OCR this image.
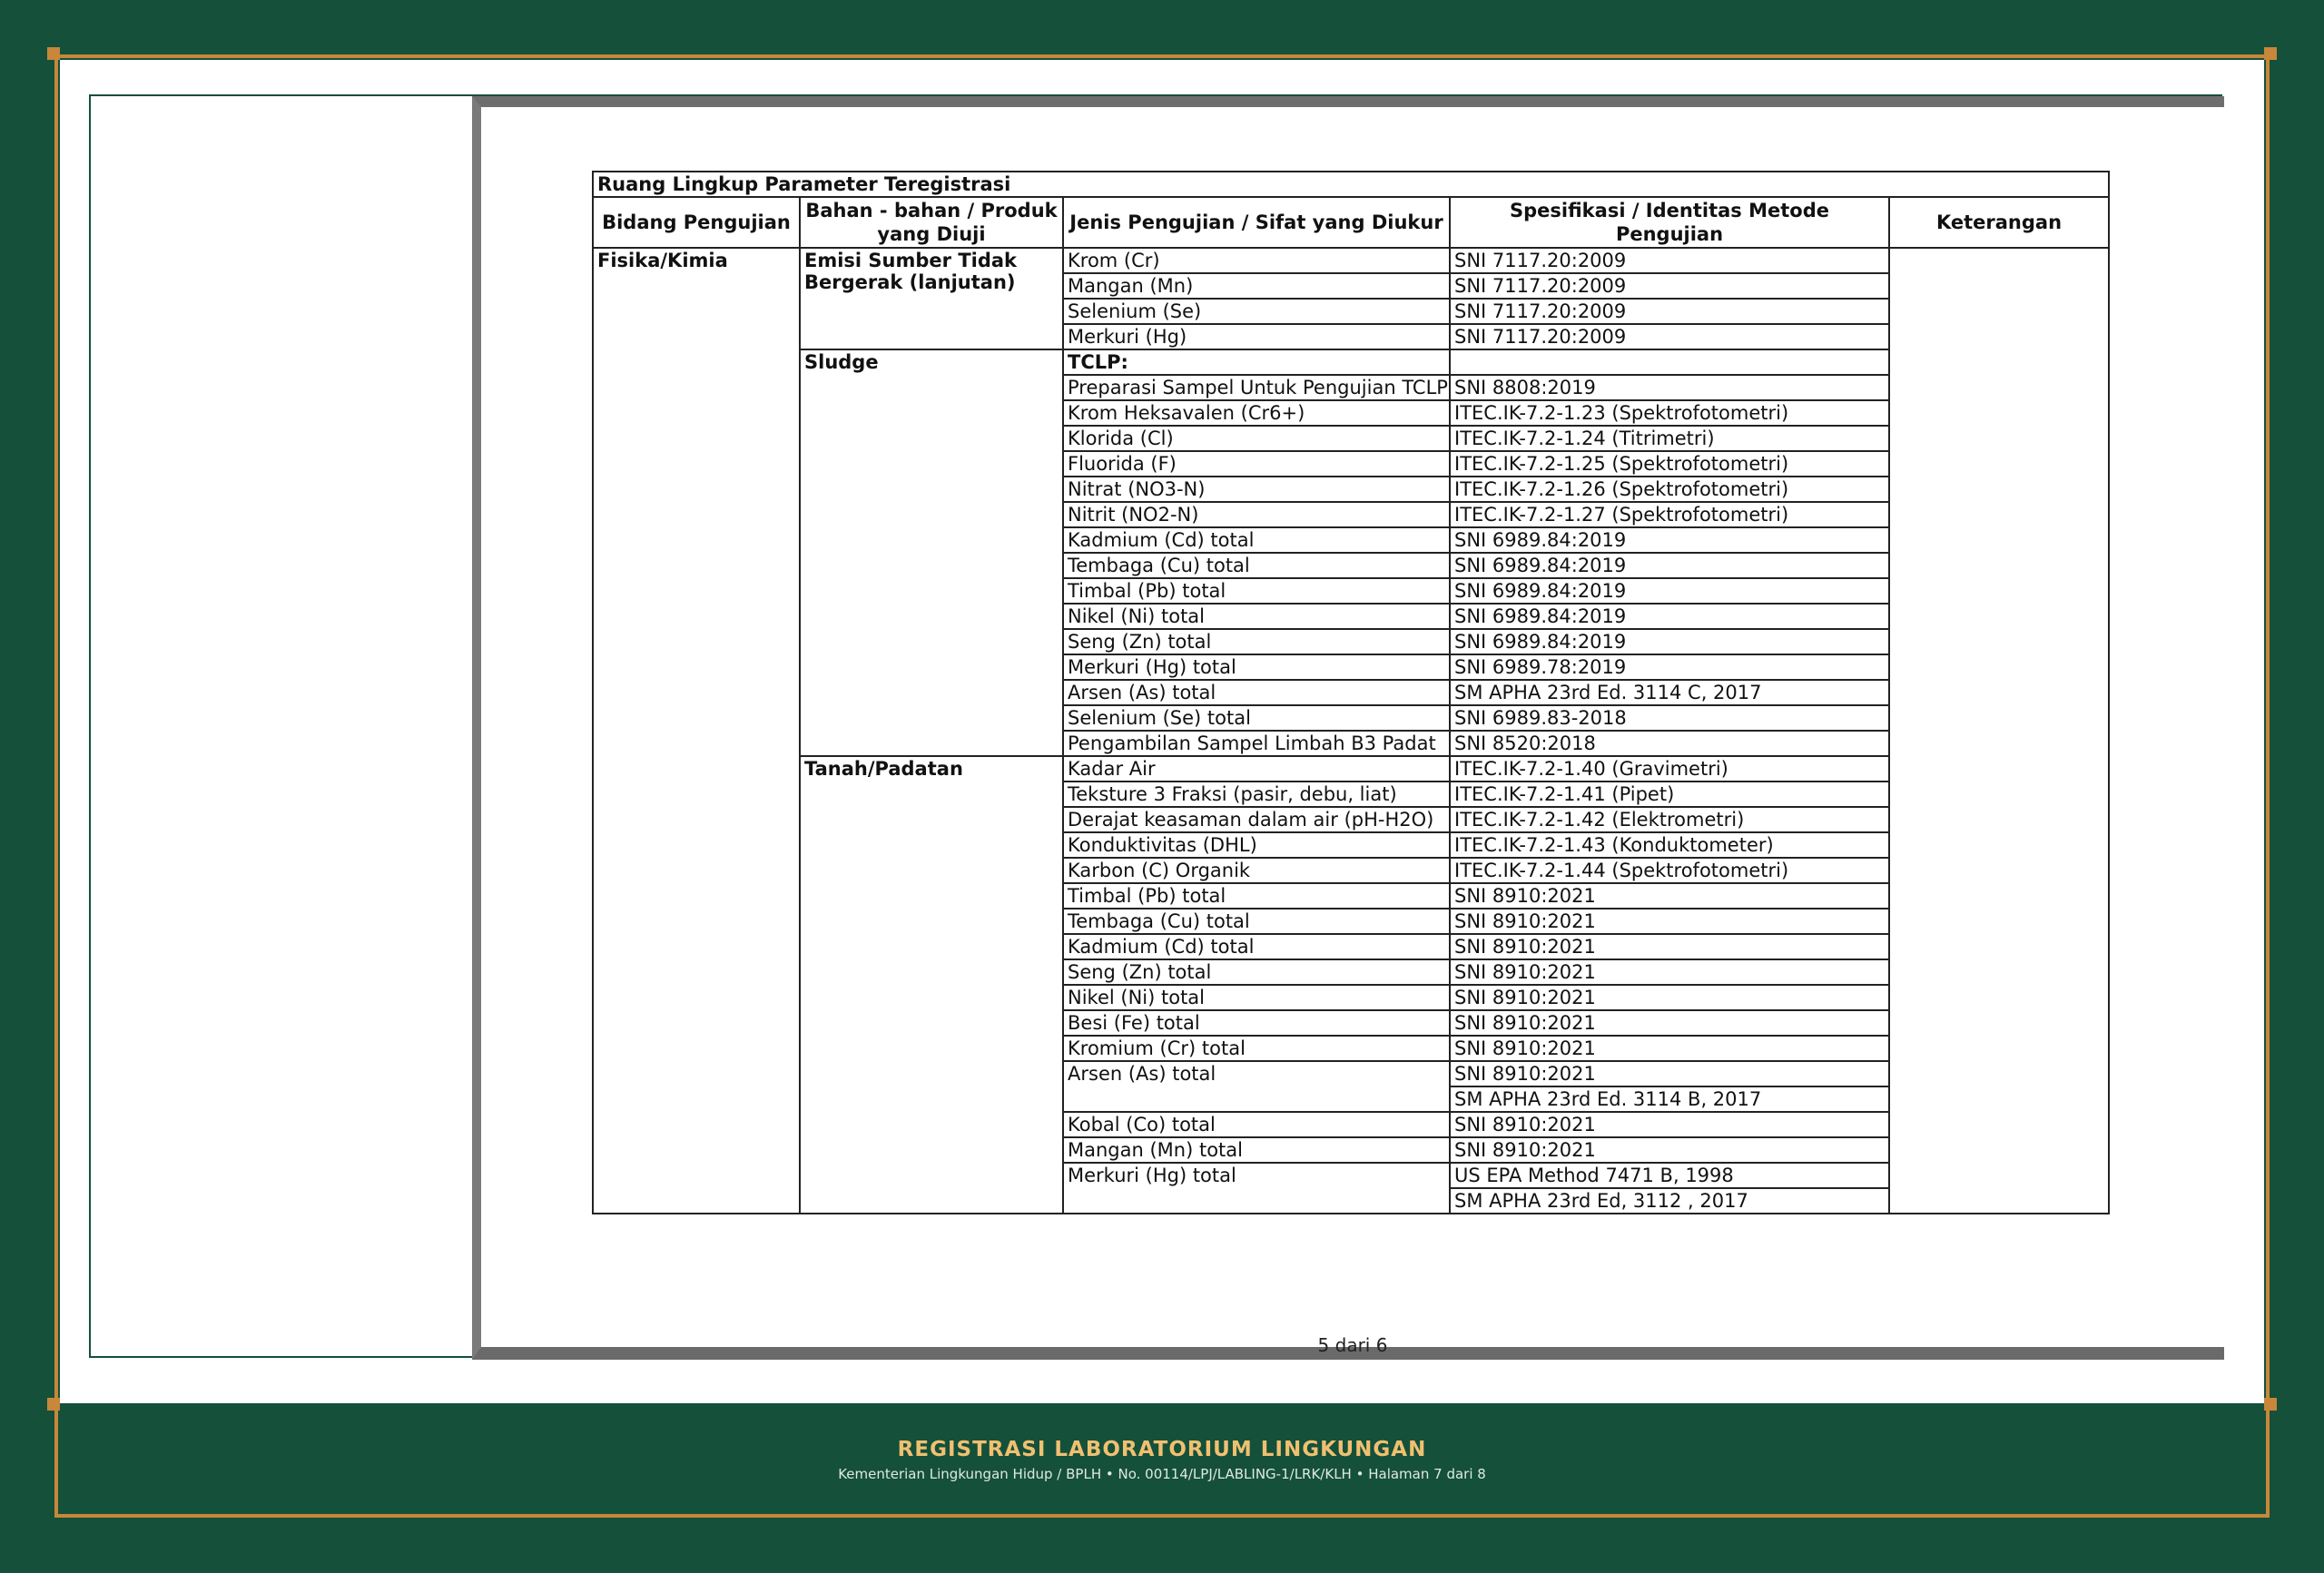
Ruang Lingkup Parameter Teregistrasi				
Bidang Pengujian	Bahan - bahan / Produk yang Diuji	Jenis Pengujian / Sifat yang Diukur	Spesifikasi / Identitas Metode Pengujian	Keterangan
Fisika/Kimia	Emisi Sumber Tidak Bergerak (lanjutan)	Krom (Cr)	SNI 7117.20:2009	
		Mangan (Mn)	SNI 7117.20:2009	
		Selenium (Se)	SNI 7117.20:2009	
		Merkuri (Hg)	SNI 7117.20:2009	
	Sludge	TCLP:		
		Preparasi Sampel Untuk Pengujian TCLP	SNI 8808:2019	
		Krom Heksavalen (Cr6+)	ITEC.IK-7.2-1.23 (Spektrofotometri)	
		Klorida (Cl)	ITEC.IK-7.2-1.24 (Titrimetri)	
		Fluorida (F)	ITEC.IK-7.2-1.25 (Spektrofotometri)	
		Nitrat (NO3-N)	ITEC.IK-7.2-1.26 (Spektrofotometri)	
		Nitrit (NO2-N)	ITEC.IK-7.2-1.27 (Spektrofotometri)	
		Kadmium (Cd) total	SNI 6989.84:2019	
		Tembaga (Cu) total	SNI 6989.84:2019	
		Timbal (Pb) total	SNI 6989.84:2019	
		Nikel (Ni) total	SNI 6989.84:2019	
		Seng (Zn) total	SNI 6989.84:2019	
		Merkuri (Hg) total	SNI 6989.78:2019	
		Arsen (As) total	SM APHA 23rd Ed. 3114 C, 2017	
		Selenium (Se) total	SNI 6989.83-2018	
		Pengambilan Sampel Limbah B3 Padat	SNI 8520:2018	
	Tanah/Padatan	Kadar Air	ITEC.IK-7.2-1.40 (Gravimetri)	
		Teksture 3 Fraksi (pasir, debu, liat)	ITEC.IK-7.2-1.41 (Pipet)	
		Derajat keasaman dalam air (pH-H2O)	ITEC.IK-7.2-1.42 (Elektrometri)	
		Konduktivitas (DHL)	ITEC.IK-7.2-1.43 (Konduktometer)	
		Karbon (C) Organik	ITEC.IK-7.2-1.44 (Spektrofotometri)	
		Timbal (Pb) total	SNI 8910:2021	
		Tembaga (Cu) total	SNI 8910:2021	
		Kadmium (Cd) total	SNI 8910:2021	
		Seng (Zn) total	SNI 8910:2021	
		Nikel (Ni) total	SNI 8910:2021	
		Besi (Fe) total	SNI 8910:2021	
		Kromium (Cr) total	SNI 8910:2021	
		Arsen (As) total	SNI 8910:2021	
			SM APHA 23rd Ed. 3114 B, 2017	
		Kobal (Co) total	SNI 8910:2021	
		Mangan (Mn) total	SNI 8910:2021	
		Merkuri (Hg) total	US EPA Method 7471 B, 1998	
			SM APHA 23rd Ed, 3112 , 2017	
5 dari 6
REGISTRASI LABORATORIUM LINGKUNGAN
Kementerian Lingkungan Hidup / BPLH • No. 00114/LPJ/LABLING-1/LRK/KLH • Halaman 7 dari 8
